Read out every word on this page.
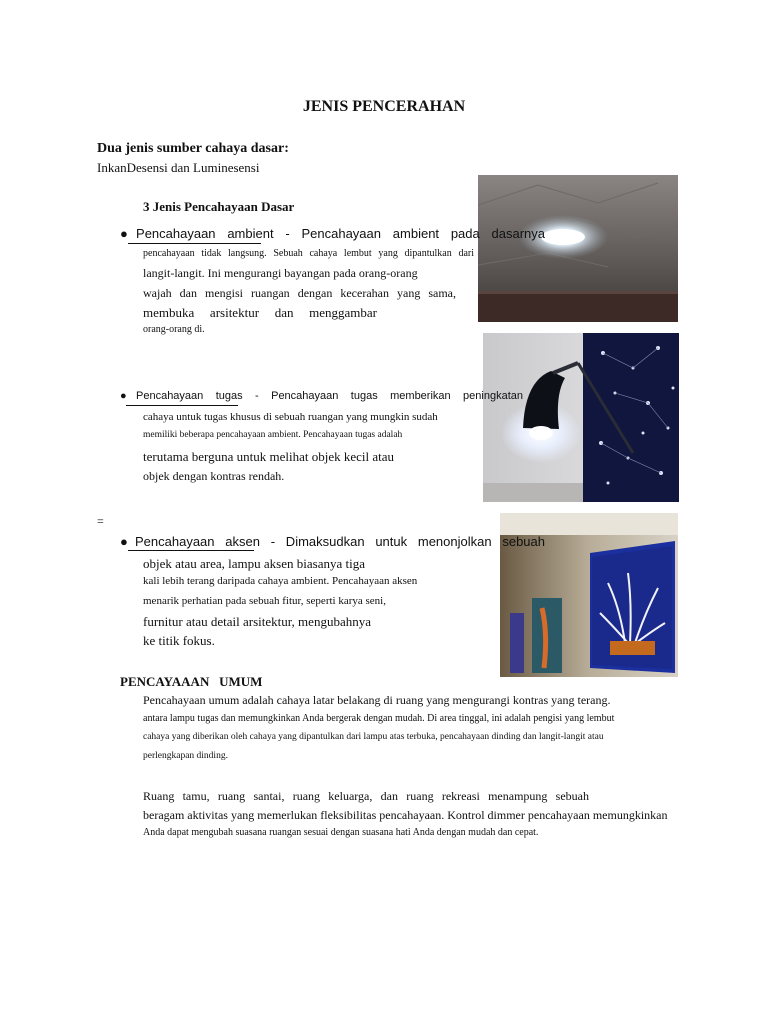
JENIS PENCERAHAN
Dua jenis sumber cahaya dasar:
InkanDesensi dan Luminesensi
3 Jenis Pencahayaan Dasar
●Pencahayaan ambient - Pencahayaan ambient pada dasarnya
pencahayaan tidak langsung. Sebuah cahaya lembut yang dipantulkan dari
langit-langit. Ini mengurangi bayangan pada orang-orang
wajah dan mengisi ruangan dengan kecerahan yang sama,
membuka arsitektur dan menggambar
orang-orang di.
●Pencahayaan tugas - Pencahayaan tugas memberikan peningkatan
cahaya untuk tugas khusus di sebuah ruangan yang mungkin sudah
memiliki beberapa pencahayaan ambient. Pencahayaan tugas adalah
terutama berguna untuk melihat objek kecil atau
objek dengan kontras rendah.
=
●Pencahayaan aksen - Dimaksudkan untuk menonjolkan sebuah
objek atau area, lampu aksen biasanya tiga
kali lebih terang daripada cahaya ambient. Pencahayaan aksen
menarik perhatian pada sebuah fitur, seperti karya seni,
furnitur atau detail arsitektur, mengubahnya
ke titik fokus.
PENCAYAAAN   UMUM
Pencahayaan umum adalah cahaya latar belakang di ruang yang mengurangi kontras yang terang.
antara lampu tugas dan memungkinkan Anda bergerak dengan mudah. Di area tinggal, ini adalah pengisi yang lembut
cahaya yang diberikan oleh cahaya yang dipantulkan dari lampu atas terbuka, pencahayaan dinding dan langit-langit atau
perlengkapan dinding.
Ruang tamu, ruang santai, ruang keluarga, dan ruang rekreasi menampung sebuah
beragam aktivitas yang memerlukan fleksibilitas pencahayaan. Kontrol dimmer pencahayaan memungkinkan
Anda dapat mengubah suasana ruangan sesuai dengan suasana hati Anda dengan mudah dan cepat.
